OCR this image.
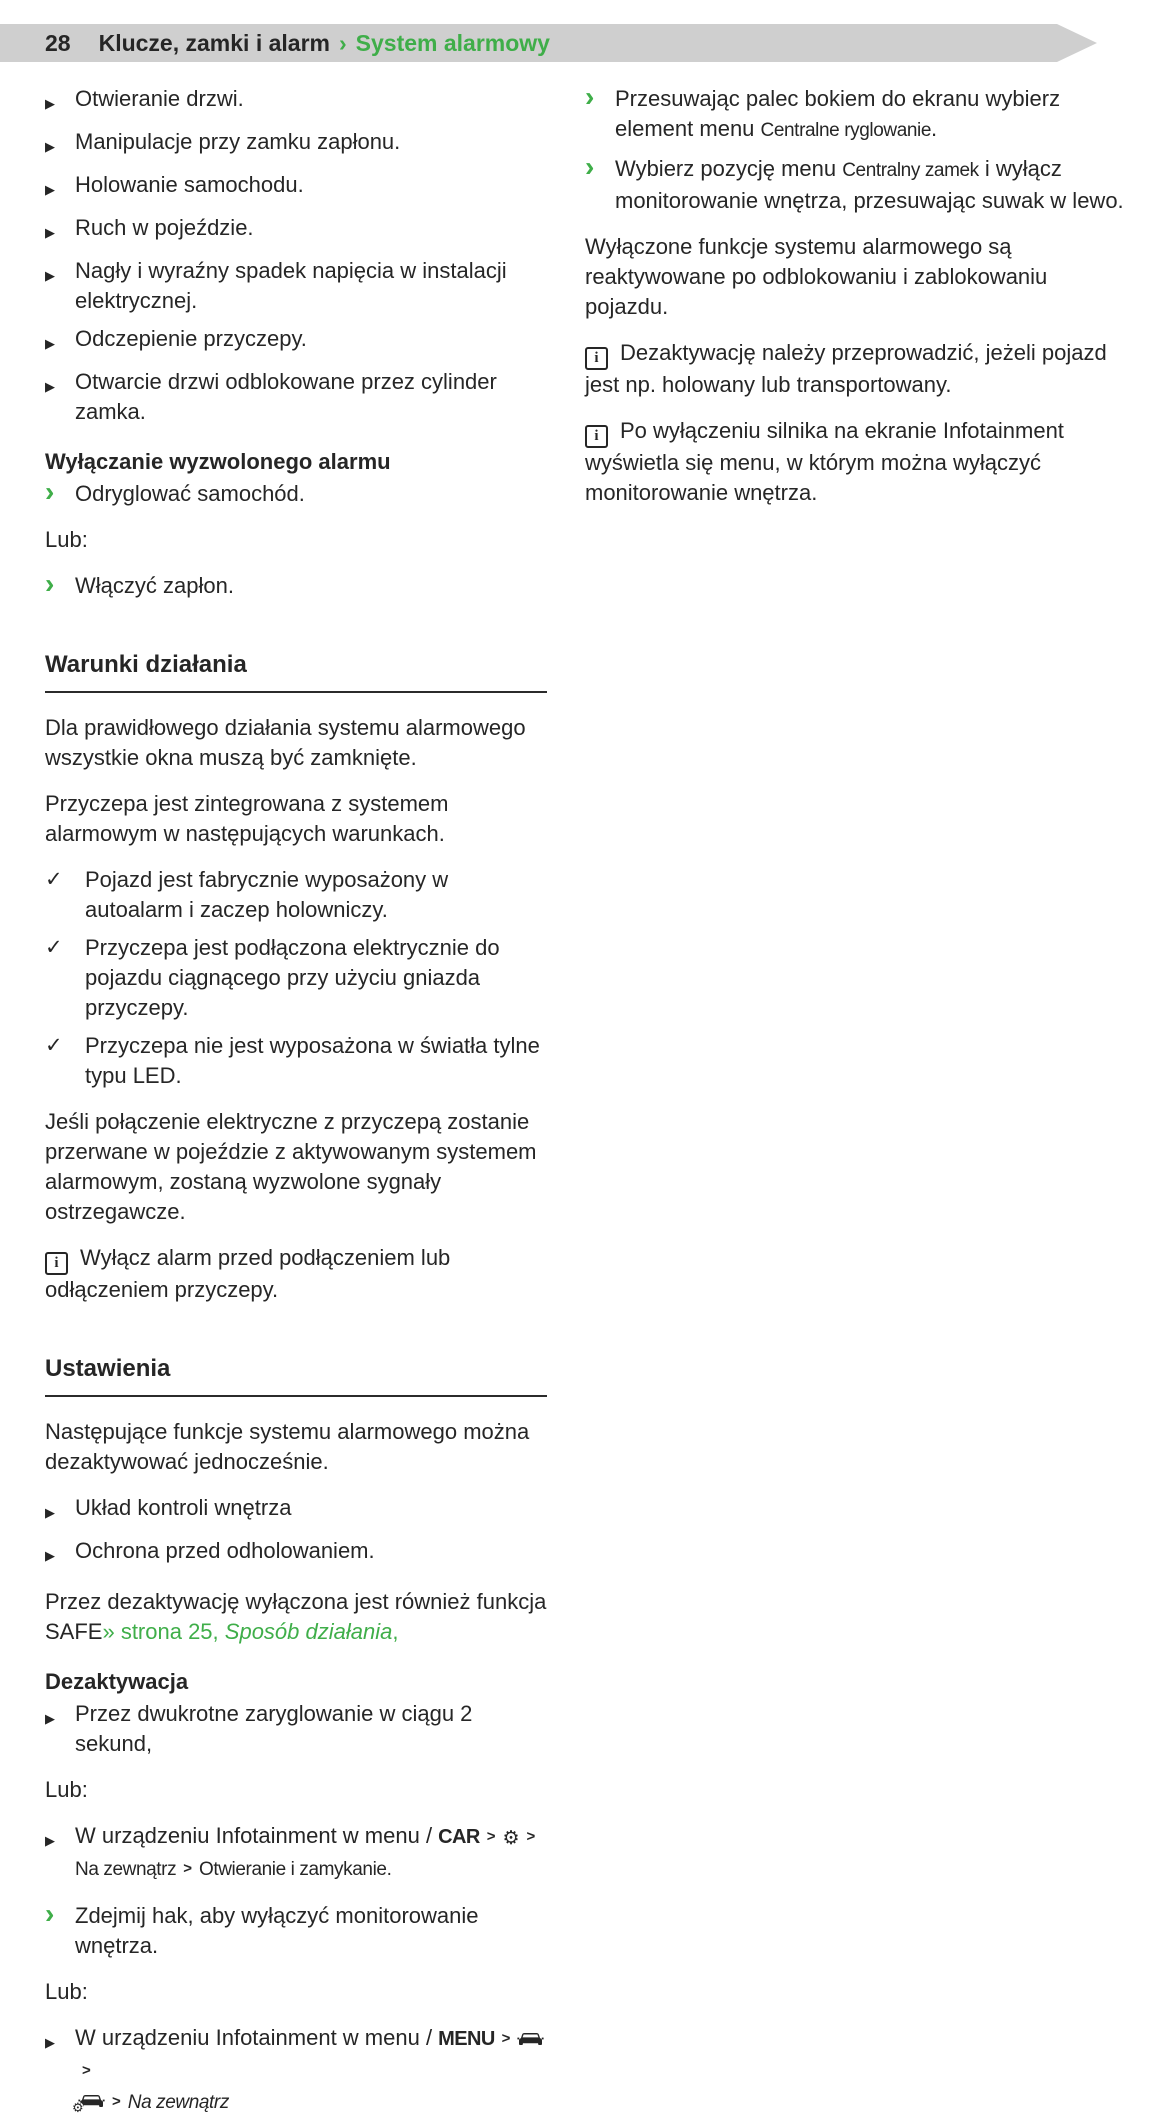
28 Klucze, zamki i alarm › System alarmowy
▶ Otwieranie drzwi.
▶ Manipulacje przy zamku zapłonu.
▶ Holowanie samochodu.
▶ Ruch w pojeździe.
▶ Nagły i wyraźny spadek napięcia w instalacji elektrycznej.
▶ Odczepienie przyczepy.
▶ Otwarcie drzwi odblokowane przez cylinder zamka.
Wyłączanie wyzwolonego alarmu
› Odryglować samochód.

Lub:

› Włączyć zapłon.
Warunki działania

Dla prawidłowego działania systemu alarmowego wszystkie okna muszą być zamknięte.

Przyczepa jest zintegrowana z systemem alarmowym w następujących warunkach.

✓	Pojazd jest fabrycznie wyposażony w autoalarm i zaczep holowniczy.
✓	Przyczepa jest podłączona elektrycznie do pojazdu ciągnącego przy użyciu gniazda przyczepy.
✓	Przyczepa nie jest wyposażona w światła tylne typu LED.

Jeśli połączenie elektryczne z przyczepą zostanie przerwane w pojeździe z aktywowanym systemem alarmowym, zostaną wyzwolone sygnały ostrzegawcze.

i Wyłącz alarm przed podłączeniem lub odłączeniem przyczepy.

Ustawienia

Następujące funkcje systemu alarmowego można dezaktywować jednocześnie.

▶ Układ kontroli wnętrza
▶ Ochrona przed odholowaniem.

Przez dezaktywację wyłączona jest również funkcja SAFE» strona 25, Sposób działania,

Dezaktywacja
▶ Przez dwukrotne zaryglowanie w ciągu 2 sekund,

Lub:

▶ W urządzeniu Infotainment w menu / CAR > ⚙ >Na zewnątrz > Otwieranie i zamykanie.
› Zdejmij hak, aby wyłączyć monitorowanie wnętrza.

Lub:

▶ W urządzeniu Infotainment w menu / MENU >>

⚙ > Na zewnątrz
› Przesuwając palec bokiem do ekranu wybierz element menu Centralne ryglowanie.
› Wybierz pozycję menu Centralny zamek i wyłącz monitorowanie wnętrza, przesuwając suwak w lewo.

Wyłączone funkcje systemu alarmowego są reaktywowane po odblokowaniu i zablokowaniu pojazdu.

i Dezaktywację należy przeprowadzić, jeżeli pojazd jest np. holowany lub transportowany.

i Po wyłączeniu silnika na ekranie Infotainment wyświetla się menu, w którym można wyłączyć monitorowanie wnętrza.
